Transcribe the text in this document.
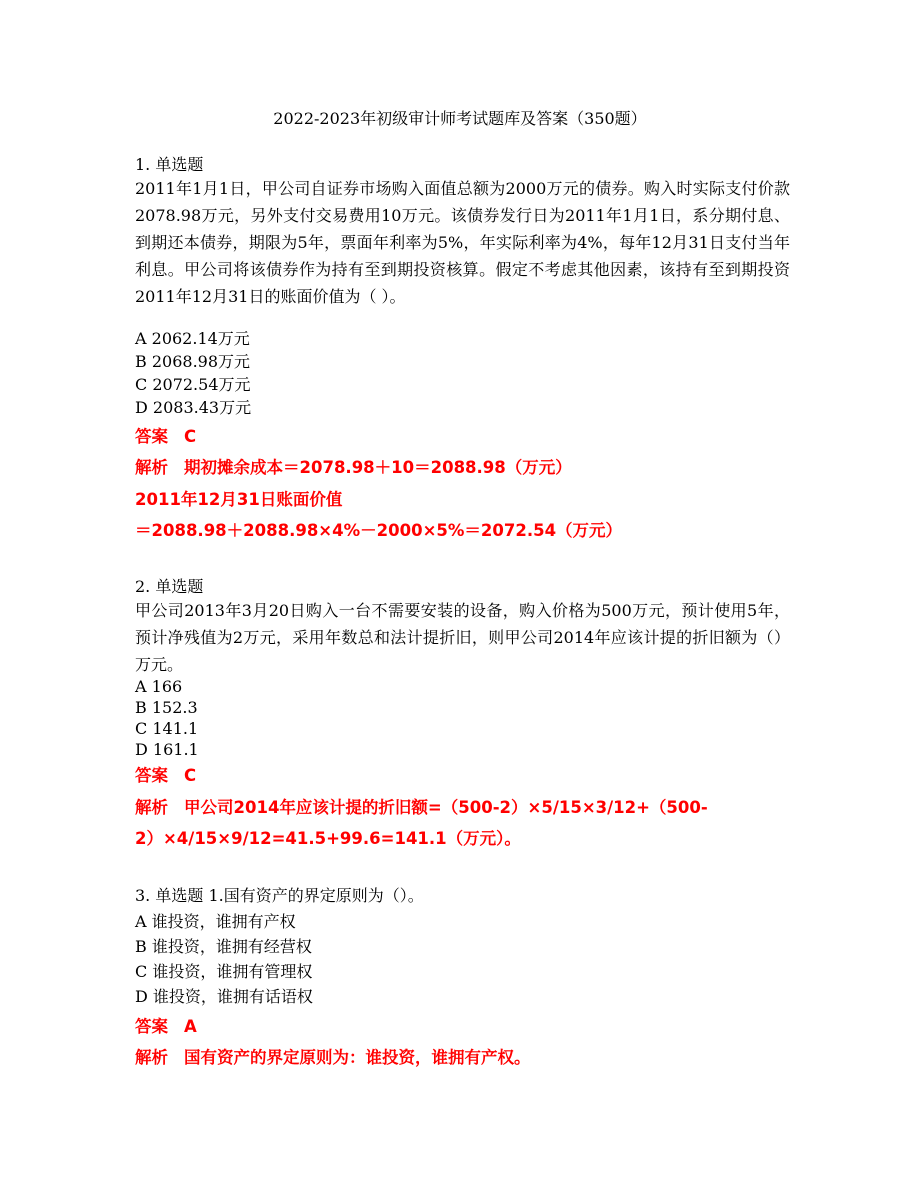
2022-2023年初级审计师考试题库及答案（350题）
1. 单选题
2011年1月1日，甲公司自证券市场购入面值总额为2000万元的债券。购入时实际支付价款2078.98万元，另外支付交易费用10万元。该债券发行日为2011年1月1日，系分期付息、到期还本债券，期限为5年，票面年利率为5%，年实际利率为4%，每年12月31日支付当年利息。甲公司将该债券作为持有至到期投资核算。假定不考虑其他因素，该持有至到期投资2011年12月31日的账面价值为（ ）。
A 2062.14万元
B 2068.98万元
C 2072.54万元
D 2083.43万元
答案 C
解析 期初摊余成本＝2078.98＋10＝2088.98（万元）
2011年12月31日账面价值
＝2088.98＋2088.98×4%－2000×5%＝2072.54（万元）
2. 单选题
甲公司2013年3月20日购入一台不需要安装的设备，购入价格为500万元，预计使用5年，预计净残值为2万元，采用年数总和法计提折旧，则甲公司2014年应该计提的折旧额为（）万元。
A 166
B 152.3
C 141.1
D 161.1
答案 C
解析 甲公司2014年应该计提的折旧额=（500-2）×5/15×3/12+（500-
2）×4/15×9/12=41.5+99.6=141.1（万元）。
3. 单选题 1.国有资产的界定原则为（）。
A 谁投资，谁拥有产权
B 谁投资，谁拥有经营权
C 谁投资，谁拥有管理权
D 谁投资，谁拥有话语权
答案 A
解析 国有资产的界定原则为：谁投资，谁拥有产权。
